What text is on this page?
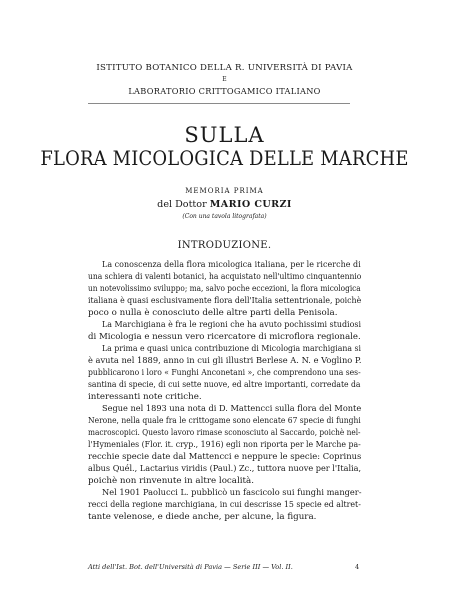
ISTITUTO BOTANICO DELLA R. UNIVERSITÀ DI PAVIA
E
LABORATORIO CRITTOGAMICO ITALIANO
SULLA
FLORA MICOLOGICA DELLE MARCHE
MEMORIA PRIMA
del Dottor MARIO CURZI
(Con una tavola litografata)
INTRODUZIONE.
La conoscenza della flora micologica italiana, per le ricerche di
una schiera di valenti botanici, ha acquistato nell'ultimo cinquantennio
un notevolissimo sviluppo; ma, salvo poche eccezioni, la flora micologica
italiana è quasi esclusivamente flora dell'Italia settentrionale, poichè
poco o nulla è conosciuto delle altre parti della Penisola.
La Marchigiana è fra le regioni che ha avuto pochissimi studiosi
di Micologia e nessun vero ricercatore di microflora regionale.
La prima e quasi unica contribuzione di Micologia marchigiana si
è avuta nel 1889, anno in cui gli illustri Berlese A. N. e Voglino P.
pubblicarono i loro « Funghi Anconetani », che comprendono una ses-
santina di specie, di cui sette nuove, ed altre importanti, corredate da
interessanti note critiche.
Segue nel 1893 una nota di D. Mattencci sulla flora del Monte
Nerone, nella quale fra le crittogame sono elencate 67 specie di funghi
macroscopici. Questo lavoro rimase sconosciuto al Saccardo, poichè nel-
l'Hymeniales (Flor. it. cryp., 1916) egli non riporta per le Marche pa-
recchie specie date dal Mattencci e neppure le specie: Coprinus
albus Quél., Lactarius viridis (Paul.) Zc., tuttora nuove per l'Italia,
poichè non rinvenute in altre località.
Nel 1901 Paolucci L. pubblicò un fascicolo sui funghi manger-
recci della regione marchigiana, in cui descrisse 15 specie ed altret-
tante velenose, e diede anche, per alcune, la figura.
Atti dell'Ist. Bot. dell'Università di Pavia — Serie III — Vol. II.	4
